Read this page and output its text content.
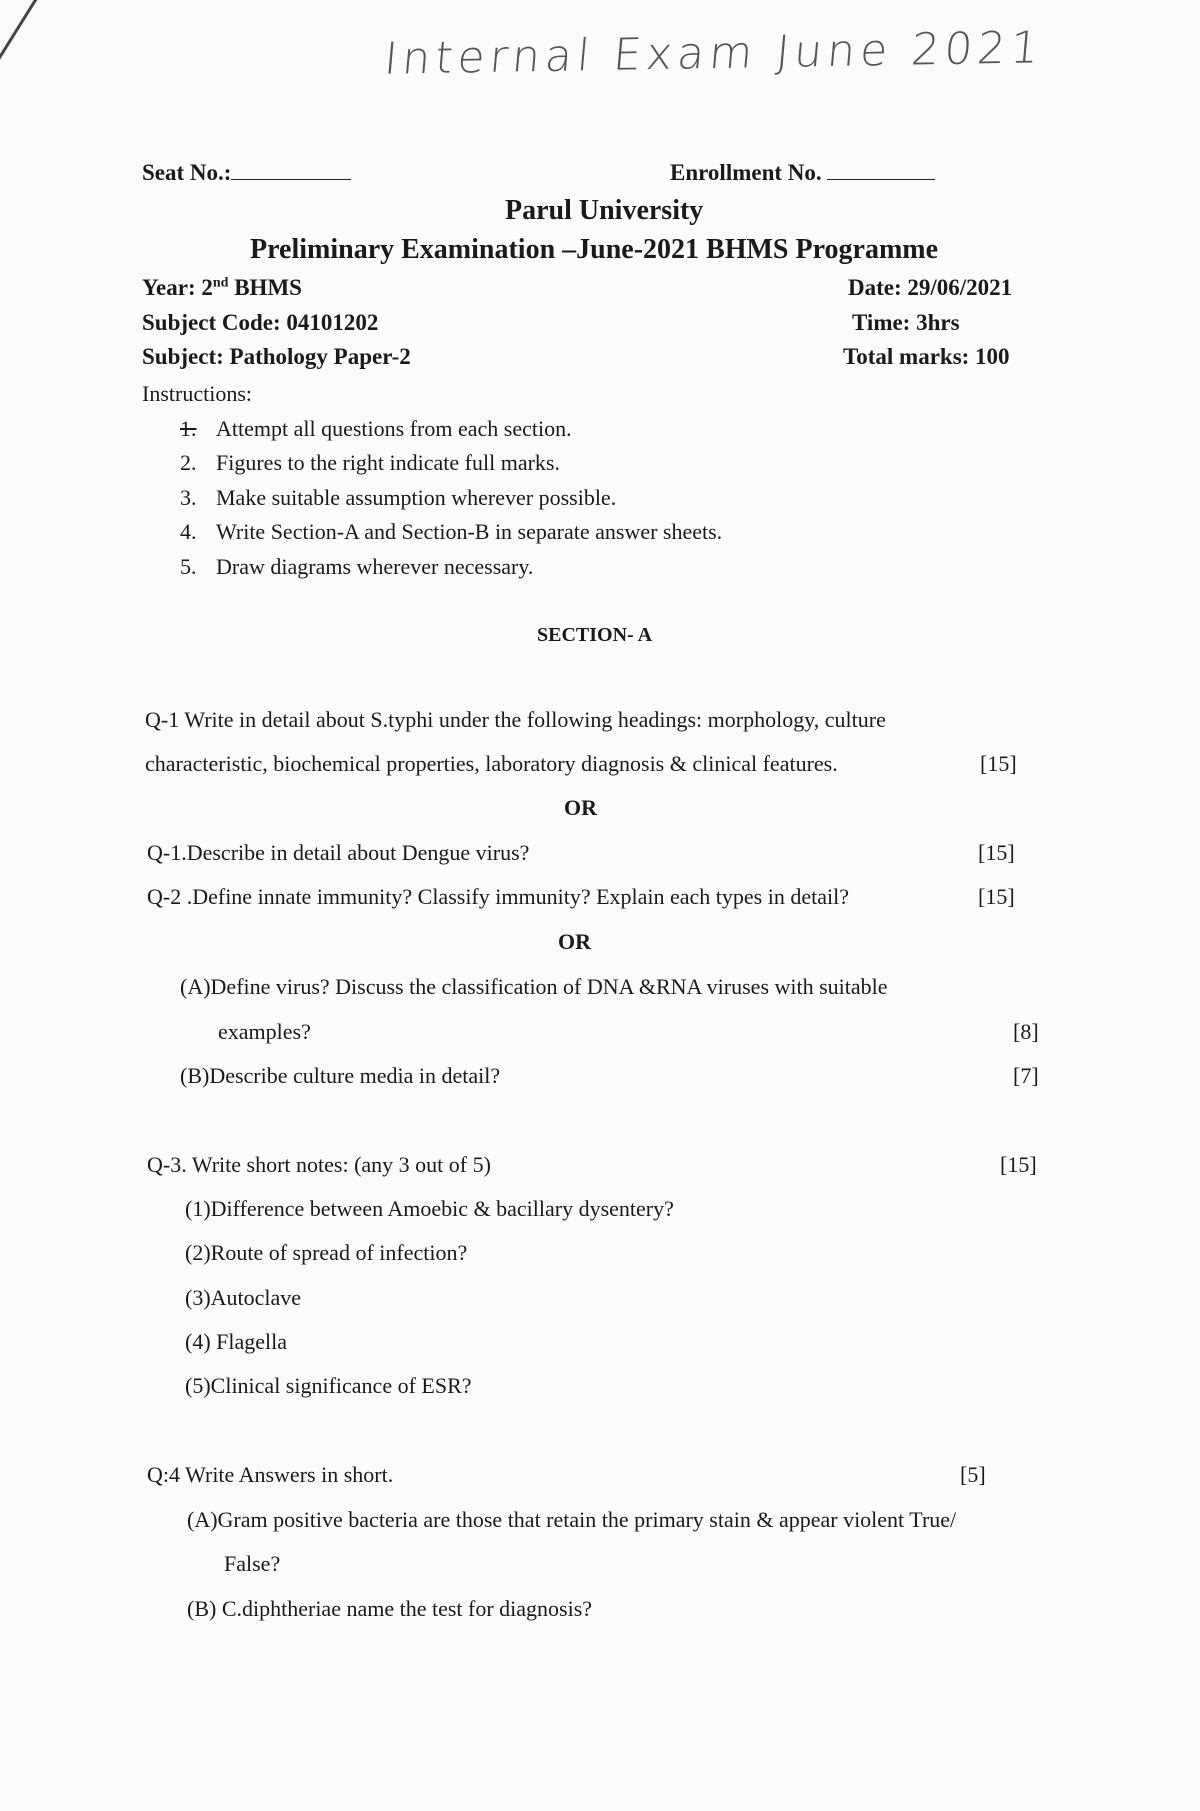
Internal Exam June 2021
Seat No.:	Enrollment No.
Parul University
Preliminary Examination –June-2021 BHMS Programme
Year: 2nd BHMS	Date: 29/06/2021
Subject Code: 04101202	Time: 3hrs
Subject: Pathology Paper-2	Total marks: 100
Instructions:
1. Attempt all questions from each section.
2. Figures to the right indicate full marks.
3. Make suitable assumption wherever possible.
4. Write Section-A and Section-B in separate answer sheets.
5. Draw diagrams wherever necessary.
SECTION- A
Q-1 Write in detail about S.typhi under the following headings: morphology, culture
characteristic, biochemical properties, laboratory diagnosis & clinical features.	[15]
OR
Q-1.Describe in detail about Dengue virus?	[15]
Q-2 .Define innate immunity? Classify immunity? Explain each types in detail?	[15]
OR
(A)Define virus? Discuss the classification of DNA &RNA viruses with suitable
examples?	[8]
(B)Describe culture media in detail?	[7]
Q-3. Write short notes: (any 3 out of 5)	[15]
(1)Difference between Amoebic & bacillary dysentery?
(2)Route of spread of infection?
(3)Autoclave
(4) Flagella
(5)Clinical significance of ESR?
Q:4 Write Answers in short.	[5]
(A)Gram positive bacteria are those that retain the primary stain & appear violent True/
False?
(B) C.diphtheriae name the test for diagnosis?
